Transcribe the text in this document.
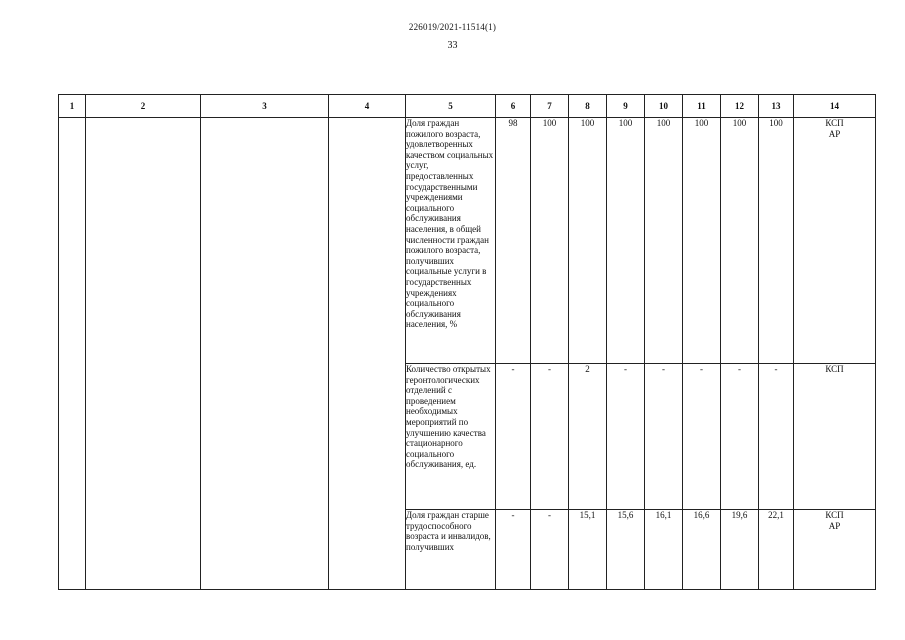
226019/2021-11514(1)
33
1	2	3	4	5	6	7	8	9	10	11	12	13	14
				Доля граждан пожилого возраста, удовлетворенных качеством социальных услуг, предоставленных государственными учреждениями социального обслуживания населения, в общей численности граждан пожилого возраста, получивших социальные услуги в государственных учреждениях социального обслуживания населения, %	98	100	100	100	100	100	100	100	КСП
АР
				Количество открытых геронтологических отделений с проведением необходимых мероприятий по улучшению качества стационарного социального обслуживания, ед.	-	-	2	-	-	-	-	-	КСП
				Доля граждан старше трудоспособного возраста и инвалидов, получивших	-	-	15,1	15,6	16,1	16,6	19,6	22,1	КСП
АР
